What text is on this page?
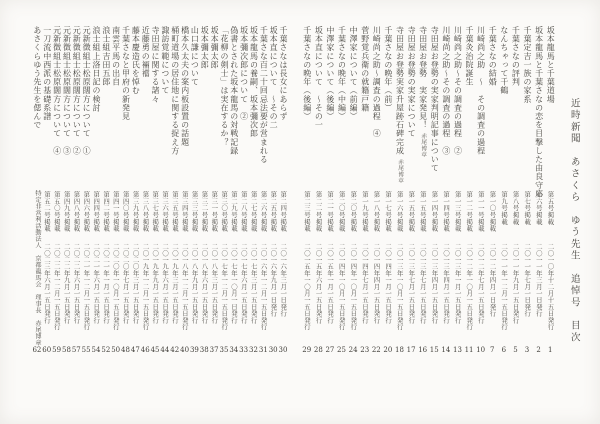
近時新聞　あさくら　ゆう先生　追悼号　目次
坂本龍馬と千葉道場
第五号掲載
二〇一〇年十二月十五日発行
1
坂本龍馬と千葉さなの恋を目撃した由良守応
第六号掲載
二〇一一年三月一日発行
2
千葉定吉一族の家系
第七号掲載
二〇一一年七月一日発行
3
千葉さなの評判
第八号掲載
二〇一一年九月一五日発行
5
なんちゃって千鶴
第九号掲載
二〇一一年一二月一五日発行
6
千葉さなの結婚
第一〇号掲載
二〇一二年四月一日発行
7
川崎尚之助　～　その調査の過程
第一一号掲載
二〇一二年七月一五日発行
10
千葉灸治院誕生
第一二号掲載
二〇一二年一〇月一五日発行
11
川崎尚之助～その調査の過程　②
第一三号掲載
二〇一三年一月一五日発行
13
川崎尚之助～その調査の過程　③
第一四号掲載
二〇一三年四月一五日発行
14
寺田屋お登勢の実家判明記事について
第一四号掲載
二〇一三年四月一五日発行
15
寺田屋お登勢　実家発見！赤尾博章
第一五号掲載
二〇一三年七月一五日発行
16
寺田屋お登勢の実家について
第一五号掲載
二〇一三年七月一五日発行
17
寺田屋お登勢実家升屋跡石碑完成赤尾博章
第一六号掲載
二〇一三年一〇月一五日発行
18
千葉さなの晩年（前）
第一七号掲載
二〇一四年一月一五日発行
20
川崎尚之助～調査の過程　④
第一八号掲載
二〇一四年四月一五日発行
22
菅野覚兵衛の就籍戸籍
第一九号掲載
二〇一四年七月一五日発行
23
中澤家について（前編）
第二〇号掲載
二〇一四年一〇月一五日発行
24
千葉さなの晩年（中編）
第二〇号掲載
二〇一四年一〇月一五日発行
25
中澤家について（後編）
第二一号掲載
二〇一五年一月一五日発行
27
坂本直について　～その一
第二二号掲載
二〇一五年六月一五日発行
28
千葉さなの晩年（後編）
第二三号掲載
二〇一五年一〇月一五日発行
29
千葉さなは長女にあらず
第二四号掲載
二〇一六年三月一日発行
30
坂本直について　～その二
第二五号掲載
二〇一六年九月一日発行
30
千葉さな百二十回忌法要が営まれる
第二六号掲載
二〇一六年一二月一五日発行
31
坂本龍馬の養嗣、坂本彌次郎
第二七号掲載
二〇一七年三月一五日発行
32
坂本彌次郎について　②
第二八号掲載
二〇一七年六月一五日発行
33
偽書とされた坂本龍馬の対戦記録
第二九号掲載
二〇一七年一〇月一日発行
34
「花柳の剣士」は実在するか？
第三〇号掲載
二〇一七年一二月一五日発行
35
坂本彌太郎
第三一号掲載
二〇一八年三月一五日発行
37
坂本彌太郎
第三二号掲載
二〇一八年六月一五日発行
38
山口謙について
第三三号掲載
二〇一八年九月一五日発行
39
橋本久太夫の案内板設置の話題
第三四号掲載
二〇一八年一二月一五日発行
40
桶町道場の居住地に関する捉え方
第三五号掲載
二〇一九年三月一五日発行
42
諏訪覚範について
第三六号掲載
二〇一九年六月一五日発行
44
寺田屋に関する諸々
第三七号掲載
二〇一九年九月一五日発行
45
近藤勇の裲襠
第三八号掲載
二〇一九年一二月一五日発行
46
藤本慶造氏を悼む
第三九号掲載
二〇二〇年三月一五日発行
47
千葉さなと甲府の新発見
第四〇号掲載
二〇二〇年七月一五日発行
48
南雲平馬の出自
第四一号掲載
二〇二〇年一〇月一五日発行
50
浪士組吉田五郎
第四二号掲載
二〇二一年一月一五日発行
52
浪士組上洛日記の検討
第四四号掲載
二〇二一年六月一五日発行
54
元新徴組士松原闊方について　①
第四六号掲載
二〇二一年一二月一五日発行
55
元新徴組士松原闊方について　②
第四八号掲載
二〇二二年六月一五日発行
57
元新徴組士松原闊方について　③
第四九号掲載
二〇二二年九月一五日発行
58
元新徴組士松原闊方について　④
第五〇号掲載
二〇二二年一二月一五日発行
59
一刀流中西派の基礎系譜
第五二号掲載
二〇二三年六月一五日発行
60
あさくらゆう先生を偲んで
特定非営利活動法人　京都龍馬会　理事長　赤尾博章
62
